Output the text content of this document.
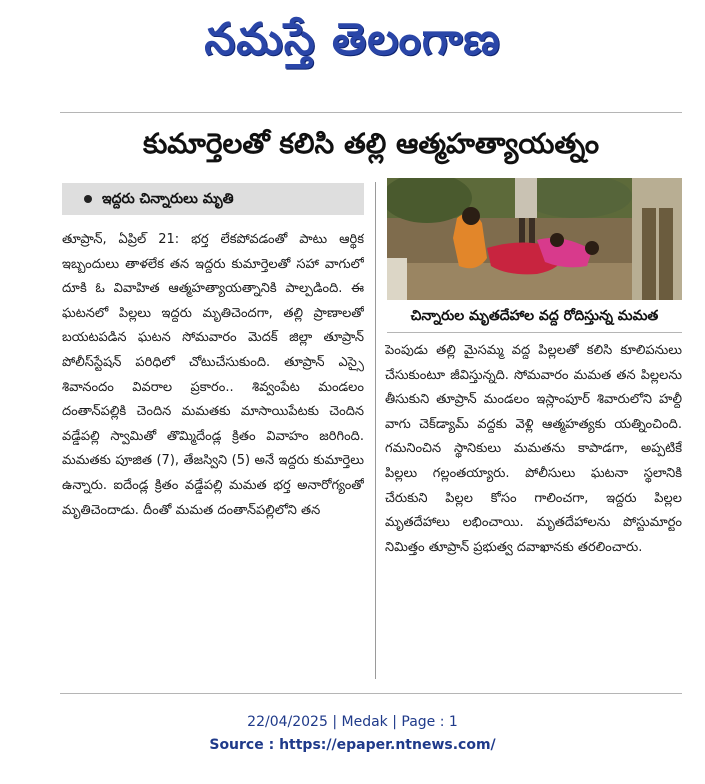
నమస్తే తెలంగాణ
కుమార్తెలతో కలిసి తల్లి ఆత్మహత్యాయత్నం
ఇద్దరు చిన్నారులు మృతి
తూప్రాన్‌, ఏప్రిల్‌ 21: భర్త లేకపోవడంతో పాటు ఆర్థిక ఇబ్బందులు తాళలేక తన ఇద్దరు కుమార్తెలతో సహా వాగులో దూకి ఓ వివాహిత ఆత్మహత్యాయత్నానికి పాల్పడింది. ఈ ఘటనలో పిల్లలు ఇద్దరు మృతిచెందగా, తల్లి ప్రాణాలతో బయటపడిన ఘటన సోమవారం మెదక్‌ జిల్లా తూప్రాన్‌ పోలీస్‌స్టేషన్‌ పరిధిలో చోటుచేసుకుంది. తూప్రాన్‌ ఎస్సై శివానందం వివరాల ప్రకారం.. శివ్వంపేట మండలం దంతాన్‌పల్లికి చెందిన మమతకు మాసాయిపేటకు చెందిన వడ్డేపల్లి స్వామితో తొమ్మిదేండ్ల క్రితం వివాహం జరిగింది. మమతకు పూజిత (7), తేజస్విని (5) అనే ఇద్దరు కుమార్తెలు ఉన్నారు. ఐదేండ్ల క్రితం వడ్డేపల్లి మమత భర్త అనారోగ్యంతో మృతిచెందాడు. దీంతో మమత దంతాన్‌పల్లిలోని తన
చిన్నారుల మృతదేహాల వద్ద రోదిస్తున్న మమత
పెంపుడు తల్లి మైసమ్మ వద్ద పిల్లలతో కలిసి కూలిపనులు చేసుకుంటూ జీవిస్తున్నది. సోమవారం మమత తన పిల్లలను తీసుకుని తూప్రాన్‌ మండలం ఇస్లాంపూర్‌ శివారులోని హల్దీ వాగు చెక్‌డ్యామ్‌ వద్దకు వెళ్లి ఆత్మహత్యకు యత్నించింది. గమనించిన స్థానికులు మమతను కాపాడగా, అప్పటికే పిల్లలు గల్లంతయ్యారు. పోలీసులు ఘటనా స్థలానికి చేరుకుని పిల్లల కోసం గాలించగా, ఇద్దరు పిల్లల మృతదేహాలు లభించాయి. మృతదేహాలను పోస్టుమార్టం నిమిత్తం తూప్రాన్‌ ప్రభుత్వ దవాఖానకు తరలించారు.
22/04/2025 | Medak | Page : 1
Source : https://epaper.ntnews.com/
